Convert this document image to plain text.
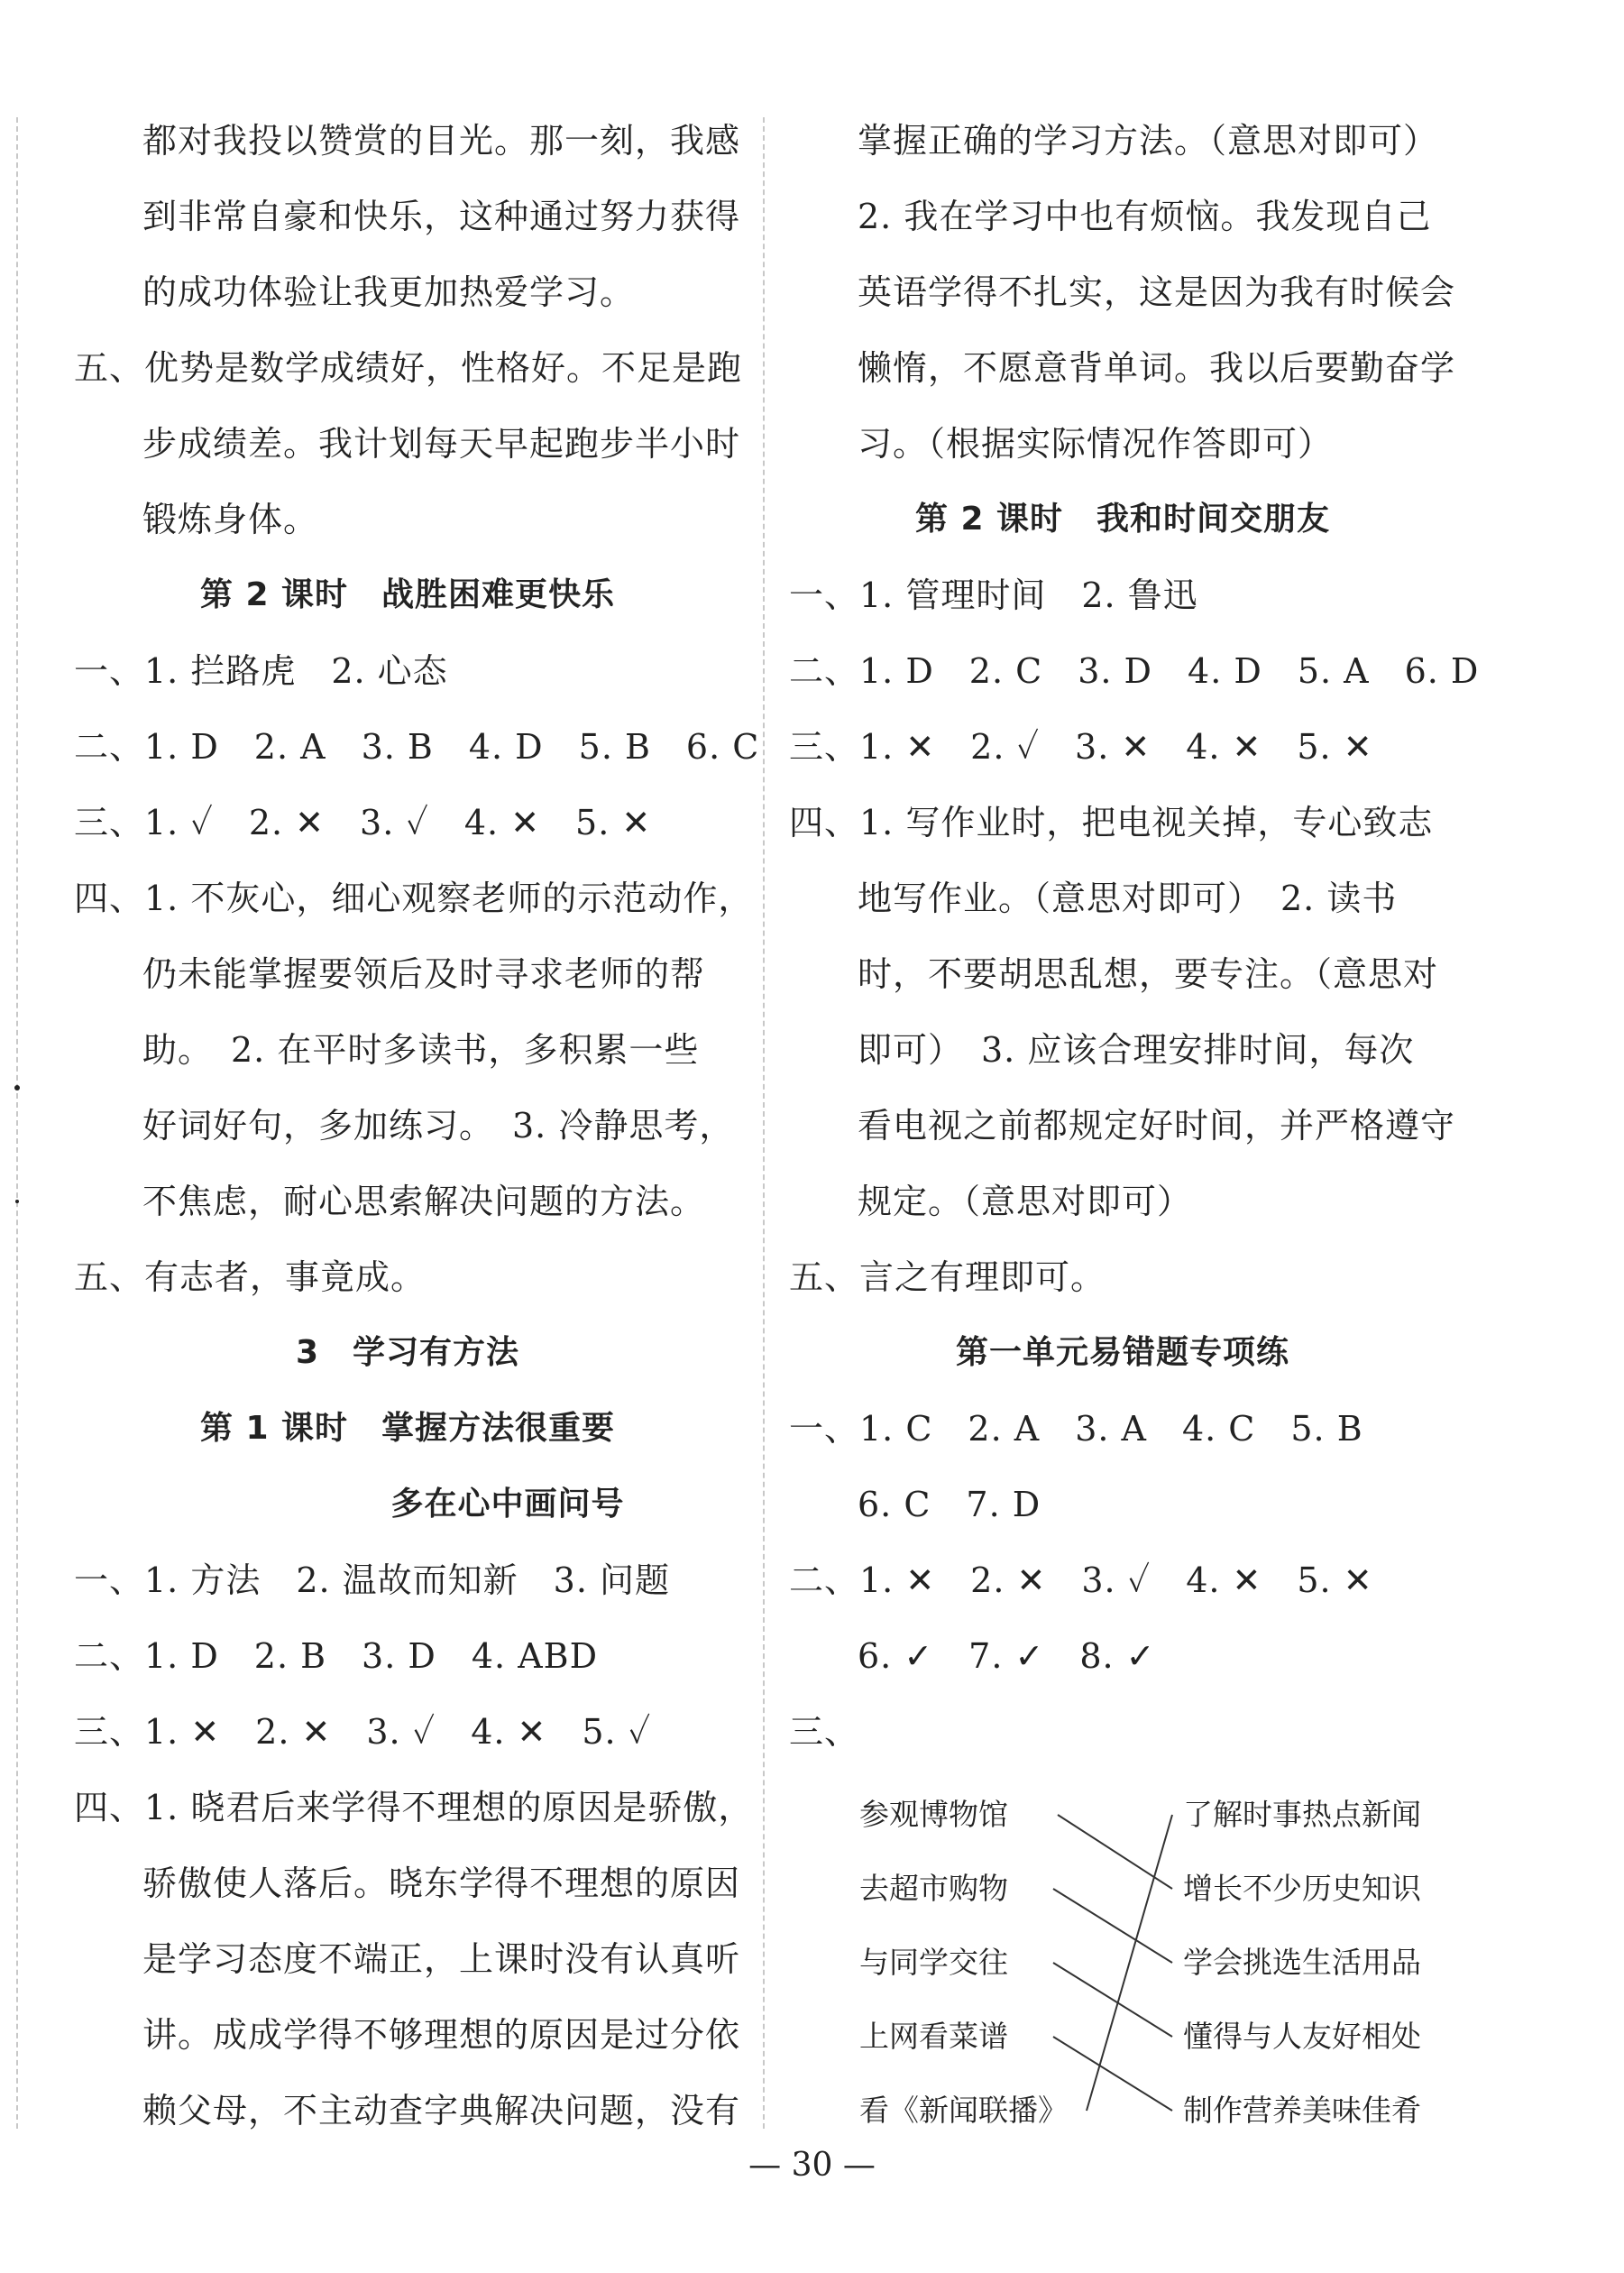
都对我投以赞赏的目光。那一刻，我感
到非常自豪和快乐，这种通过努力获得
的成功体验让我更加热爱学习。
五、优势是数学成绩好，性格好。不足是跑
步成绩差。我计划每天早起跑步半小时
锻炼身体。
第 2 课时　战胜困难更快乐
一、1. 拦路虎　2. 心态
二、1. D　2. A　3. B　4. D　5. B　6. C
三、1. ✓　2. ✕　3. ✓　4. ✕　5. ✕
四、1. 不灰心，细心观察老师的示范动作，
仍未能掌握要领后及时寻求老师的帮
助。　2. 在平时多读书，多积累一些
好词好句，多加练习。　3. 冷静思考，
不焦虑，耐心思索解决问题的方法。
五、有志者，事竟成。
3　学习有方法
第 1 课时　掌握方法很重要
　　　　　　多在心中画问号
一、1. 方法　2. 温故而知新　3. 问题
二、1. D　2. B　3. D　4. ABD
三、1. ✕　2. ✕　3. ✓　4. ✕　5. ✓
四、1. 晓君后来学得不理想的原因是骄傲，
骄傲使人落后。晓东学得不理想的原因
是学习态度不端正，上课时没有认真听
讲。成成学得不够理想的原因是过分依
赖父母，不主动查字典解决问题，没有
掌握正确的学习方法。（意思对即可）
2. 我在学习中也有烦恼。我发现自己
英语学得不扎实，这是因为我有时候会
懒惰，不愿意背单词。我以后要勤奋学
习。（根据实际情况作答即可）
第 2 课时　我和时间交朋友
一、1. 管理时间　2. 鲁迅
二、1. D　2. C　3. D　4. D　5. A　6. D
三、1. ✕　2. ✓　3. ✕　4. ✕　5. ✕
四、1. 写作业时，把电视关掉，专心致志
地写作业。（意思对即可）　2. 读书
时，不要胡思乱想，要专注。（意思对
即可）　3. 应该合理安排时间，每次
看电视之前都规定好时间，并严格遵守
规定。（意思对即可）
五、言之有理即可。
第一单元易错题专项练
一、1. C　2. A　3. A　4. C　5. B
6. C　7. D
二、1. ✕　2. ✕　3. ✓　4. ✕　5. ✕
6. ✓　7. ✓　8. ✓
三、
参观博物馆
去超市购物
与同学交往
上网看菜谱
看《新闻联播》
了解时事热点新闻
增长不少历史知识
学会挑选生活用品
懂得与人友好相处
制作营养美味佳肴
— 30 —
